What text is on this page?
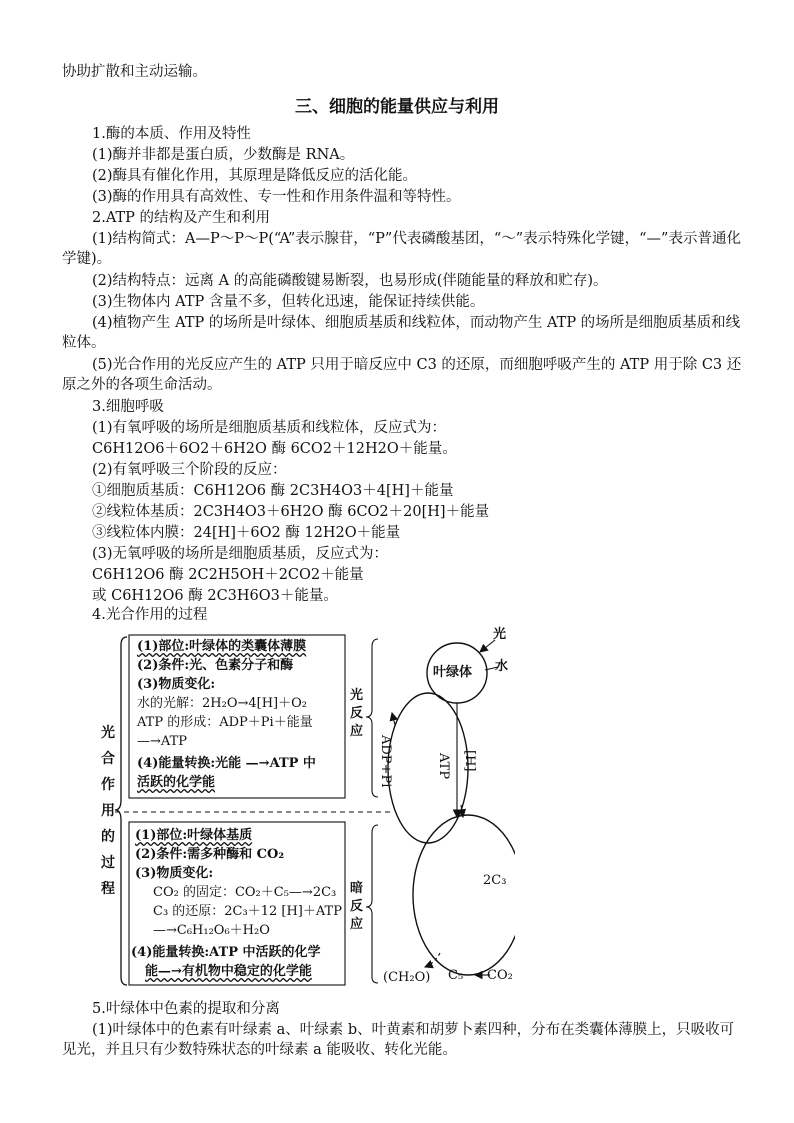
协助扩散和主动运输。
三、细胞的能量供应与利用
1.酶的本质、作用及特性
(1)酶并非都是蛋白质，少数酶是 RNA。
(2)酶具有催化作用，其原理是降低反应的活化能。
(3)酶的作用具有高效性、专一性和作用条件温和等特性。
2.ATP 的结构及产生和利用
(1)结构简式：A—P～P～P(“A”表示腺苷，“P”代表磷酸基团，“～”表示特殊化学键，“—”表示普通化学键)。
(2)结构特点：远离 A 的高能磷酸键易断裂，也易形成(伴随能量的释放和贮存)。
(3)生物体内 ATP 含量不多，但转化迅速，能保证持续供能。
(4)植物产生 ATP 的场所是叶绿体、细胞质基质和线粒体，而动物产生 ATP 的场所是细胞质基质和线粒体。
(5)光合作用的光反应产生的 ATP 只用于暗反应中 C3 的还原，而细胞呼吸产生的 ATP 用于除 C3 还原之外的各项生命活动。
3.细胞呼吸
(1)有氧呼吸的场所是细胞质基质和线粒体，反应式为：
C6H12O6＋6O2＋6H2O 酶 6CO2＋12H2O＋能量。
(2)有氧呼吸三个阶段的反应：
①细胞质基质：C6H12O6 酶 2C3H4O3＋4[H]＋能量
②线粒体基质：2C3H4O3＋6H2O 酶 6CO2＋20[H]＋能量
③线粒体内膜：24[H]＋6O2 酶 12H2O＋能量
(3)无氧呼吸的场所是细胞质基质，反应式为：
C6H12O6 酶 2C2H5OH＋2CO2＋能量
或 C6H12O6 酶 2C3H6O3＋能量。
4.光合作用的过程
光
合
作
用
的
过
程
(1)部位:叶绿体的类囊体薄膜
(2)条件:光、色素分子和酶
(3)物质变化:
水的光解：2H₂O→4[H]＋O₂
ATP 的形成：ADP＋Pi＋能量
—→ATP
(4)能量转换:光能 —→ATP 中
活跃的化学能
光
反
应
(1)部位:叶绿体基质
(2)条件:需多种酶和 CO₂
(3)物质变化:
CO₂ 的固定：CO₂＋C₅—→2C₃
C₃ 的还原：2C₃＋12 [H]＋ATP
—→C₆H₁₂O₆＋H₂O
(4)能量转换:ATP 中活跃的化学
能—→有机物中稳定的化学能
暗
反
应
光
叶绿体 水
ADP+Pi	ATP [H]
2C₃
(CH₂O) C₅ CO₂
5.叶绿体中色素的提取和分离
(1)叶绿体中的色素有叶绿素 a、叶绿素 b、叶黄素和胡萝卜素四种，分布在类囊体薄膜上，只吸收可见光，并且只有少数特殊状态的叶绿素 a 能吸收、转化光能。
